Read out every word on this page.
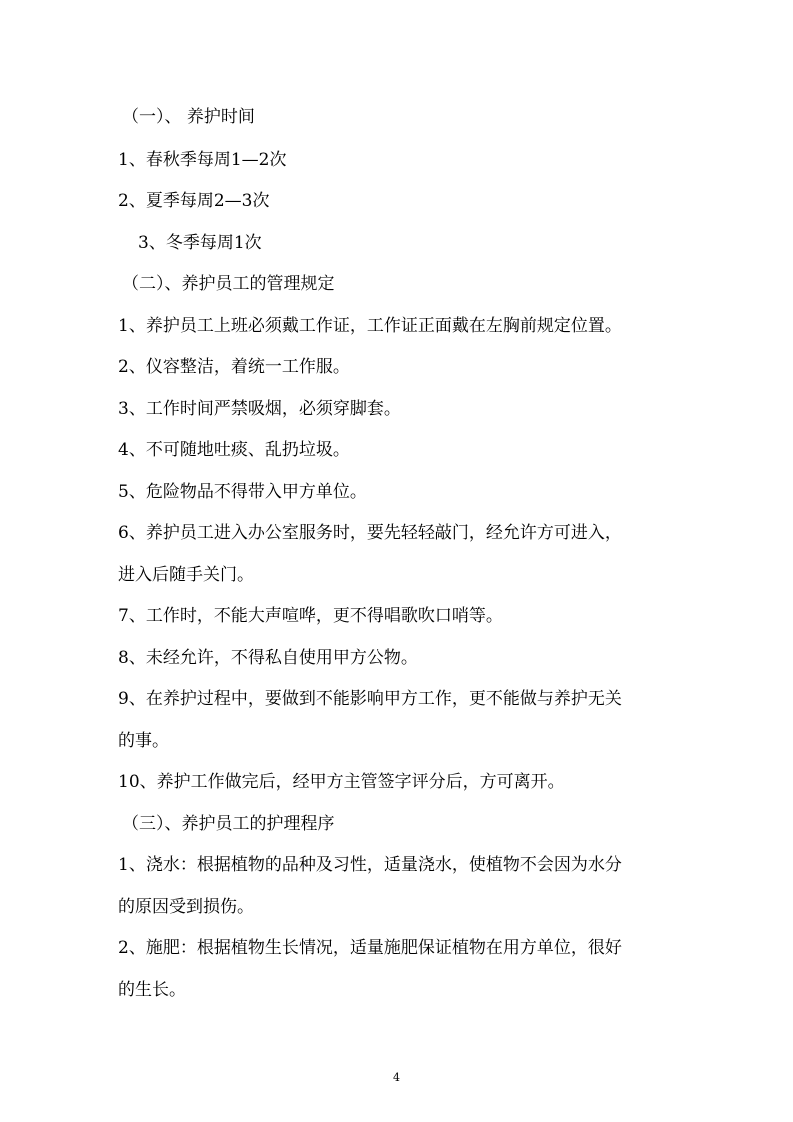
（一）、 养护时间
1、春秋季每周1—2次
2、夏季每周2—3次
3、冬季每周1次
（二）、养护员工的管理规定
1、养护员工上班必须戴工作证，工作证正面戴在左胸前规定位置。
2、仪容整洁，着统一工作服。
3、工作时间严禁吸烟，必须穿脚套。
4、不可随地吐痰、乱扔垃圾。
5、危险物品不得带入甲方单位。
6、养护员工进入办公室服务时，要先轻轻敲门，经允许方可进入，
进入后随手关门。
7、工作时，不能大声喧哗，更不得唱歌吹口哨等。
8、未经允许，不得私自使用甲方公物。
9、在养护过程中，要做到不能影响甲方工作，更不能做与养护无关
的事。
10、养护工作做完后，经甲方主管签字评分后，方可离开。
（三）、养护员工的护理程序
1、浇水：根据植物的品种及习性，适量浇水，使植物不会因为水分
的原因受到损伤。
2、施肥：根据植物生长情况，适量施肥保证植物在用方单位，很好
的生长。
4
